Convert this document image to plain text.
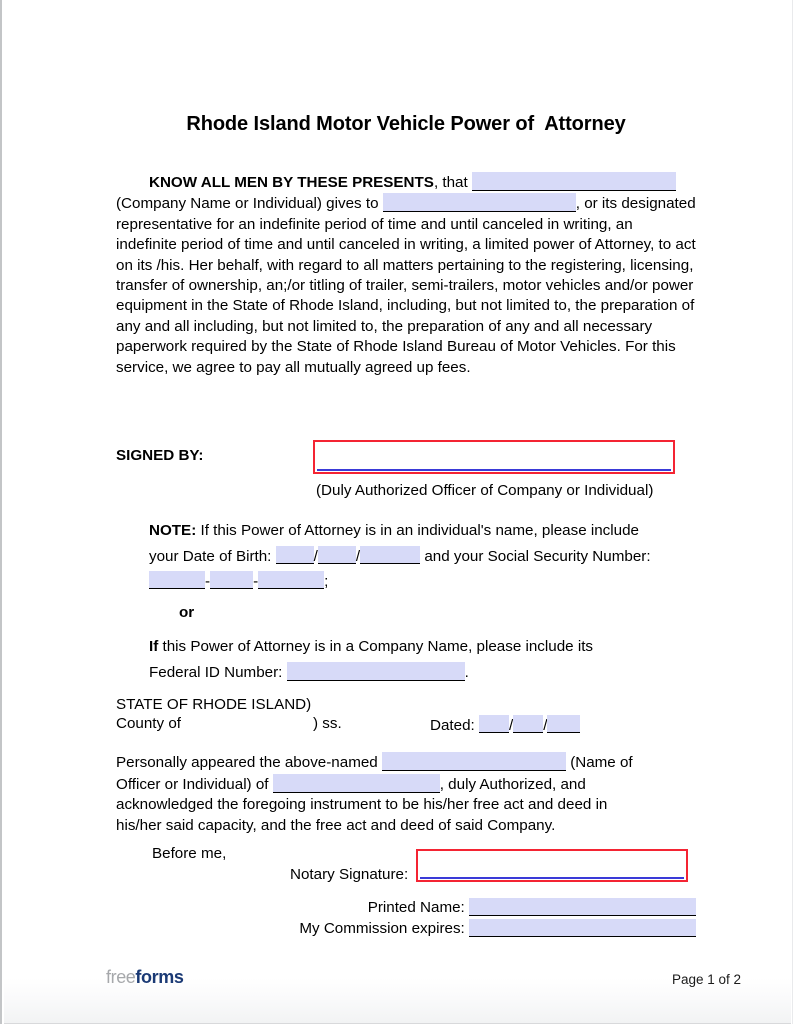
Rhode Island Motor Vehicle Power of  Attorney
KNOW ALL MEN BY THESE PRESENTS, that
(Company Name or Individual) gives to	, or its designated representative for an indefinite period of time and until canceled in writing, an indefinite period of time and until canceled in writing, a limited power of Attorney, to act on its /his. Her behalf, with regard to all matters pertaining to the registering, licensing, transfer of ownership, an;/or titling of trailer, semi-trailers, motor vehicles and/or power equipment in the State of Rhode Island, including, but not limited to, the preparation of any and all including, but not limited to, the preparation of any and all necessary paperwork required by the State of Rhode Island Bureau of Motor Vehicles. For this service, we agree to pay all mutually agreed up fees.
SIGNED BY:
(Duly Authorized Officer of Company or Individual)
NOTE: If this Power of Attorney is in an individual's name, please include
your Date of Birth:	/	/	and your Social Security Number:
-	-	;
or
If this Power of Attorney is in a Company Name, please include its
Federal ID Number:	.
STATE OF RHODE ISLAND)
County of	) ss.	Dated: / /
Personally appeared the above-named	(Name of
Officer or Individual) of	, duly Authorized, and
acknowledged the foregoing instrument to be his/her free act and deed in
his/her said capacity, and the free act and deed of said Company.
Before me,
Notary Signature:
Printed Name:
My Commission expires:
freeforms	Page 1 of 2
